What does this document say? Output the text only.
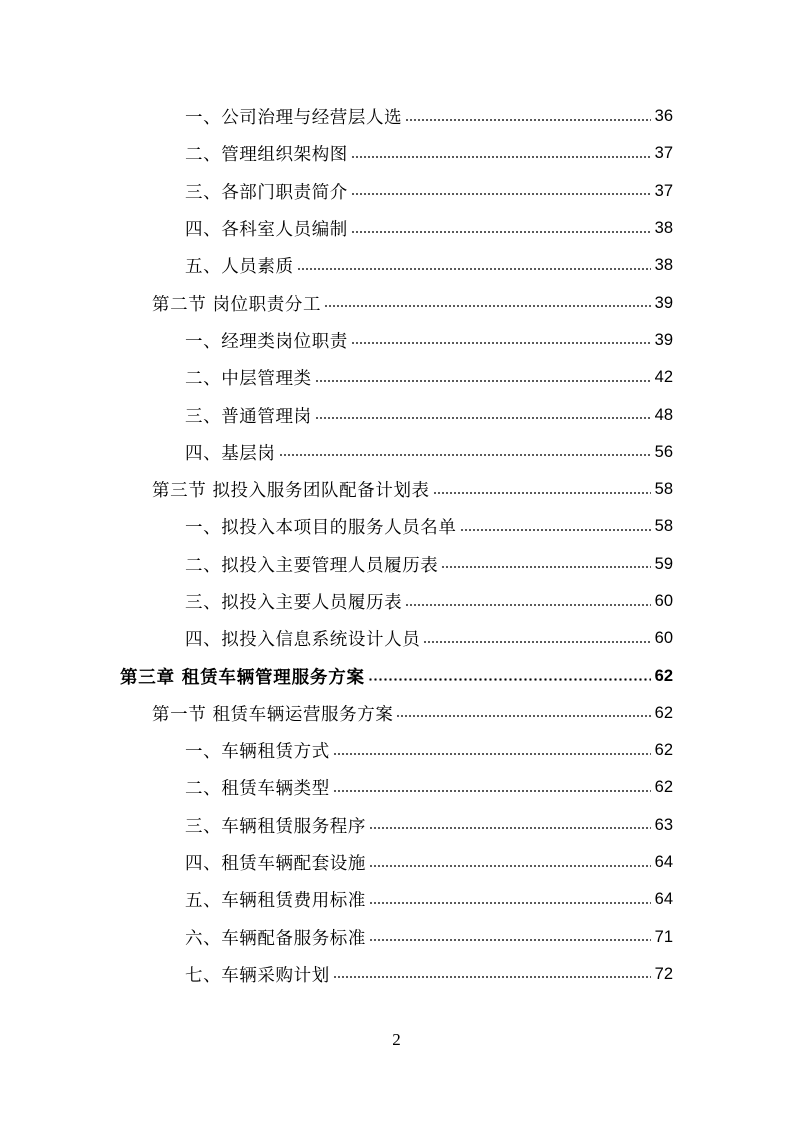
一、公司治理与经营层人选	36
二、管理组织架构图	37
三、各部门职责简介	37
四、各科室人员编制	38
五、人员素质	38
第二节 岗位职责分工	39
一、经理类岗位职责	39
二、中层管理类	42
三、普通管理岗	48
四、基层岗	56
第三节 拟投入服务团队配备计划表	58
一、拟投入本项目的服务人员名单	58
二、拟投入主要管理人员履历表	59
三、拟投入主要人员履历表	60
四、拟投入信息系统设计人员	60
第三章 租赁车辆管理服务方案	62
第一节 租赁车辆运营服务方案	62
一、车辆租赁方式	62
二、租赁车辆类型	62
三、车辆租赁服务程序	63
四、租赁车辆配套设施	64
五、车辆租赁费用标准	64
六、车辆配备服务标准	71
七、车辆采购计划	72
2
